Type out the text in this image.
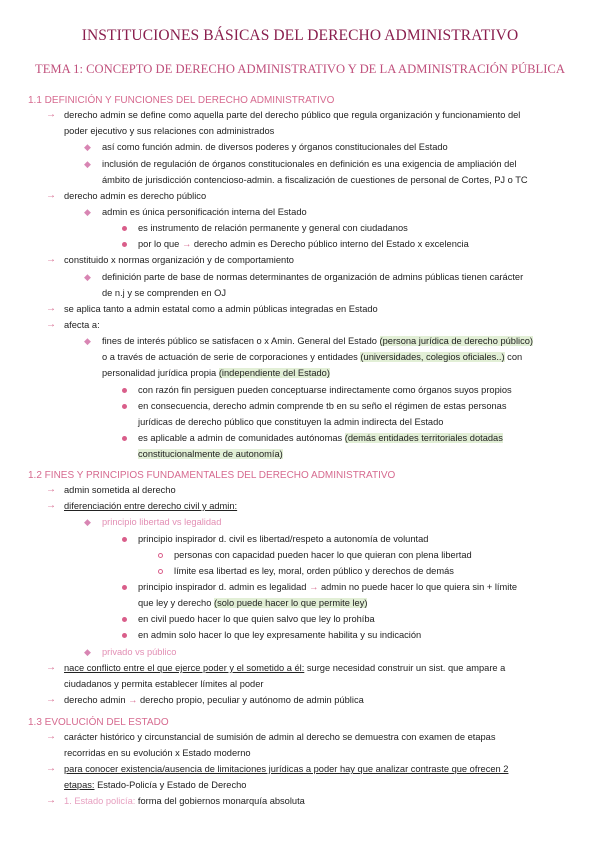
INSTITUCIONES BÁSICAS DEL DERECHO ADMINISTRATIVO
TEMA 1: CONCEPTO DE DERECHO ADMINISTRATIVO Y DE LA ADMINISTRACIÓN PÚBLICA
1.1 DEFINICIÓN Y FUNCIONES DEL DERECHO ADMINISTRATIVO
→ derecho admin se define como aquella parte del derecho público que regula organización y funcionamiento del
poder ejecutivo y sus relaciones con administrados
◆ así como función admin. de diversos poderes y órganos constitucionales del Estado
◆ inclusión de regulación de órganos constitucionales en definición es una exigencia de ampliación del
ámbito de jurisdicción contencioso-admin. a fiscalización de cuestiones de personal de Cortes, PJ o TC
→ derecho admin es derecho público
◆ admin es única personificación interna del Estado
es instrumento de relación permanente y general con ciudadanos
por lo que → derecho admin es Derecho público interno del Estado x excelencia
→ constituido x normas organización y de comportamiento
◆ definición parte de base de normas determinantes de organización de admins públicas tienen carácter
de n.j y se comprenden en OJ
→ se aplica tanto a admin estatal como a admin públicas integradas en Estado
→ afecta a:
◆ fines de interés público se satisfacen o x Amin. General del Estado (persona jurídica de derecho público)
o a través de actuación de serie de corporaciones y entidades (universidades, colegios oficiales..) con
personalidad jurídica propia (independiente del Estado)
con razón fin persiguen pueden conceptuarse indirectamente como órganos suyos propios
en consecuencia, derecho admin comprende tb en su seño el régimen de estas personas
jurídicas de derecho público que constituyen la admin indirecta del Estado
es aplicable a admin de comunidades autónomas (demás entidades territoriales dotadas
constitucionalmente de autonomía)
1.2 FINES Y PRINCIPIOS FUNDAMENTALES DEL DERECHO ADMINISTRATIVO
→ admin sometida al derecho
→ diferenciación entre derecho civil y admin:
◆ principio libertad vs legalidad
principio inspirador d. civil es libertad/respeto a autonomía de voluntad
personas con capacidad pueden hacer lo que quieran con plena libertad
límite esa libertad es ley, moral, orden público y derechos de demás
principio inspirador d. admin es legalidad → admin no puede hacer lo que quiera sin + límite
que ley y derecho (solo puede hacer lo que permite ley)
en civil puedo hacer lo que quien salvo que ley lo prohíba
en admin solo hacer lo que ley expresamente habilita y su indicación
◆ privado vs público
→ nace conflicto entre el que ejerce poder y el sometido a él: surge necesidad construir un sist. que ampare a
ciudadanos y permita establecer límites al poder
→ derecho admin → derecho propio, peculiar y autónomo de admin pública
1.3 EVOLUCIÓN DEL ESTADO
→ carácter histórico y circunstancial de sumisión de admin al derecho se demuestra con examen de etapas
recorridas en su evolución x Estado moderno
→ para conocer existencia/ausencia de limitaciones jurídicas a poder hay que analizar contraste que ofrecen 2
etapas: Estado-Policía y Estado de Derecho
→ 1. Estado policía: forma del gobiernos monarquía absoluta
